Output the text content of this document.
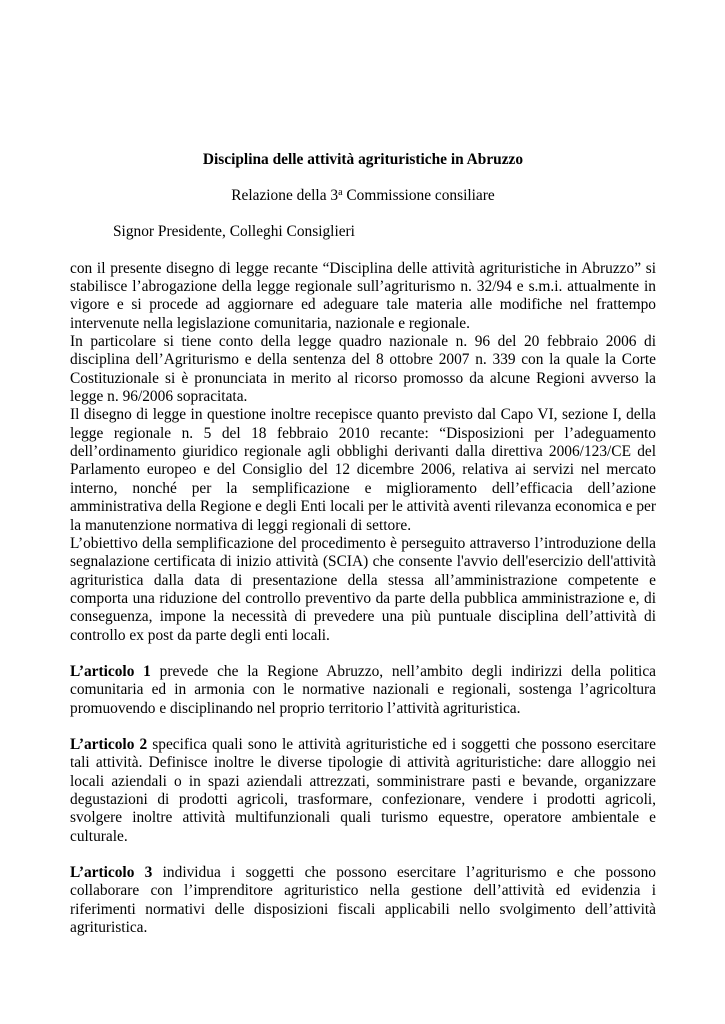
Disciplina delle attività agrituristiche in Abruzzo

Relazione della 3$^a$ Commissione consiliare

Signor Presidente, Colleghi Consiglieri

con il presente disegno di legge recante “Disciplina delle attività agrituristiche in Abruzzo” si stabilisce l’abrogazione della legge regionale sull’agriturismo n. 32/94 e s.m.i. attualmente in vigore e si procede ad aggiornare ed adeguare tale materia alle modifiche nel frattempo intervenute nella legislazione comunitaria, nazionale e regionale.

In particolare si tiene conto della legge quadro nazionale n. 96 del 20 febbraio 2006 di disciplina dell’Agriturismo e della sentenza del 8 ottobre 2007 n. 339 con la quale la Corte Costituzionale si è pronunciata in merito al ricorso promosso da alcune Regioni avverso la legge n. 96/2006 sopracitata.

Il disegno di legge in questione inoltre recepisce quanto previsto dal Capo VI, sezione I, della legge regionale n. 5 del 18 febbraio 2010 recante: “Disposizioni per l’adeguamento dell’ordinamento giuridico regionale agli obblighi derivanti dalla direttiva 2006/123/CE del Parlamento europeo e del Consiglio del 12 dicembre 2006, relativa ai servizi nel mercato interno, nonché per la semplificazione e miglioramento dell’efficacia dell’azione amministrativa della Regione e degli Enti locali per le attività aventi rilevanza economica e per la manutenzione normativa di leggi regionali di settore.

L’obiettivo della semplificazione del procedimento è perseguito attraverso l’introduzione della segnalazione certificata di inizio attività (SCIA) che consente l'avvio dell'esercizio dell'attività agrituristica dalla data di presentazione della stessa all’amministrazione competente e comporta una riduzione del controllo preventivo da parte della pubblica amministrazione e, di conseguenza, impone la necessità di prevedere una più puntuale disciplina dell’attività di controllo ex post da parte degli enti locali.

L’articolo 1 prevede che la Regione Abruzzo, nell’ambito degli indirizzi della politica comunitaria ed in armonia con le normative nazionali e regionali, sostenga l’agricoltura promuovendo e disciplinando nel proprio territorio l’attività agrituristica.

L’articolo 2 specifica quali sono le attività agrituristiche ed i soggetti che possono esercitare tali attività. Definisce inoltre le diverse tipologie di attività agrituristiche: dare alloggio nei locali aziendali o in spazi aziendali attrezzati, somministrare pasti e bevande, organizzare degustazioni di prodotti agricoli, trasformare, confezionare, vendere i prodotti agricoli, svolgere inoltre attività multifunzionali quali turismo equestre, operatore ambientale e culturale.

L’articolo 3 individua i soggetti che possono esercitare l’agriturismo e che possono collaborare con l’imprenditore agrituristico nella gestione dell’attività ed evidenzia i riferimenti normativi delle disposizioni fiscali applicabili nello svolgimento dell’attività agrituristica.
